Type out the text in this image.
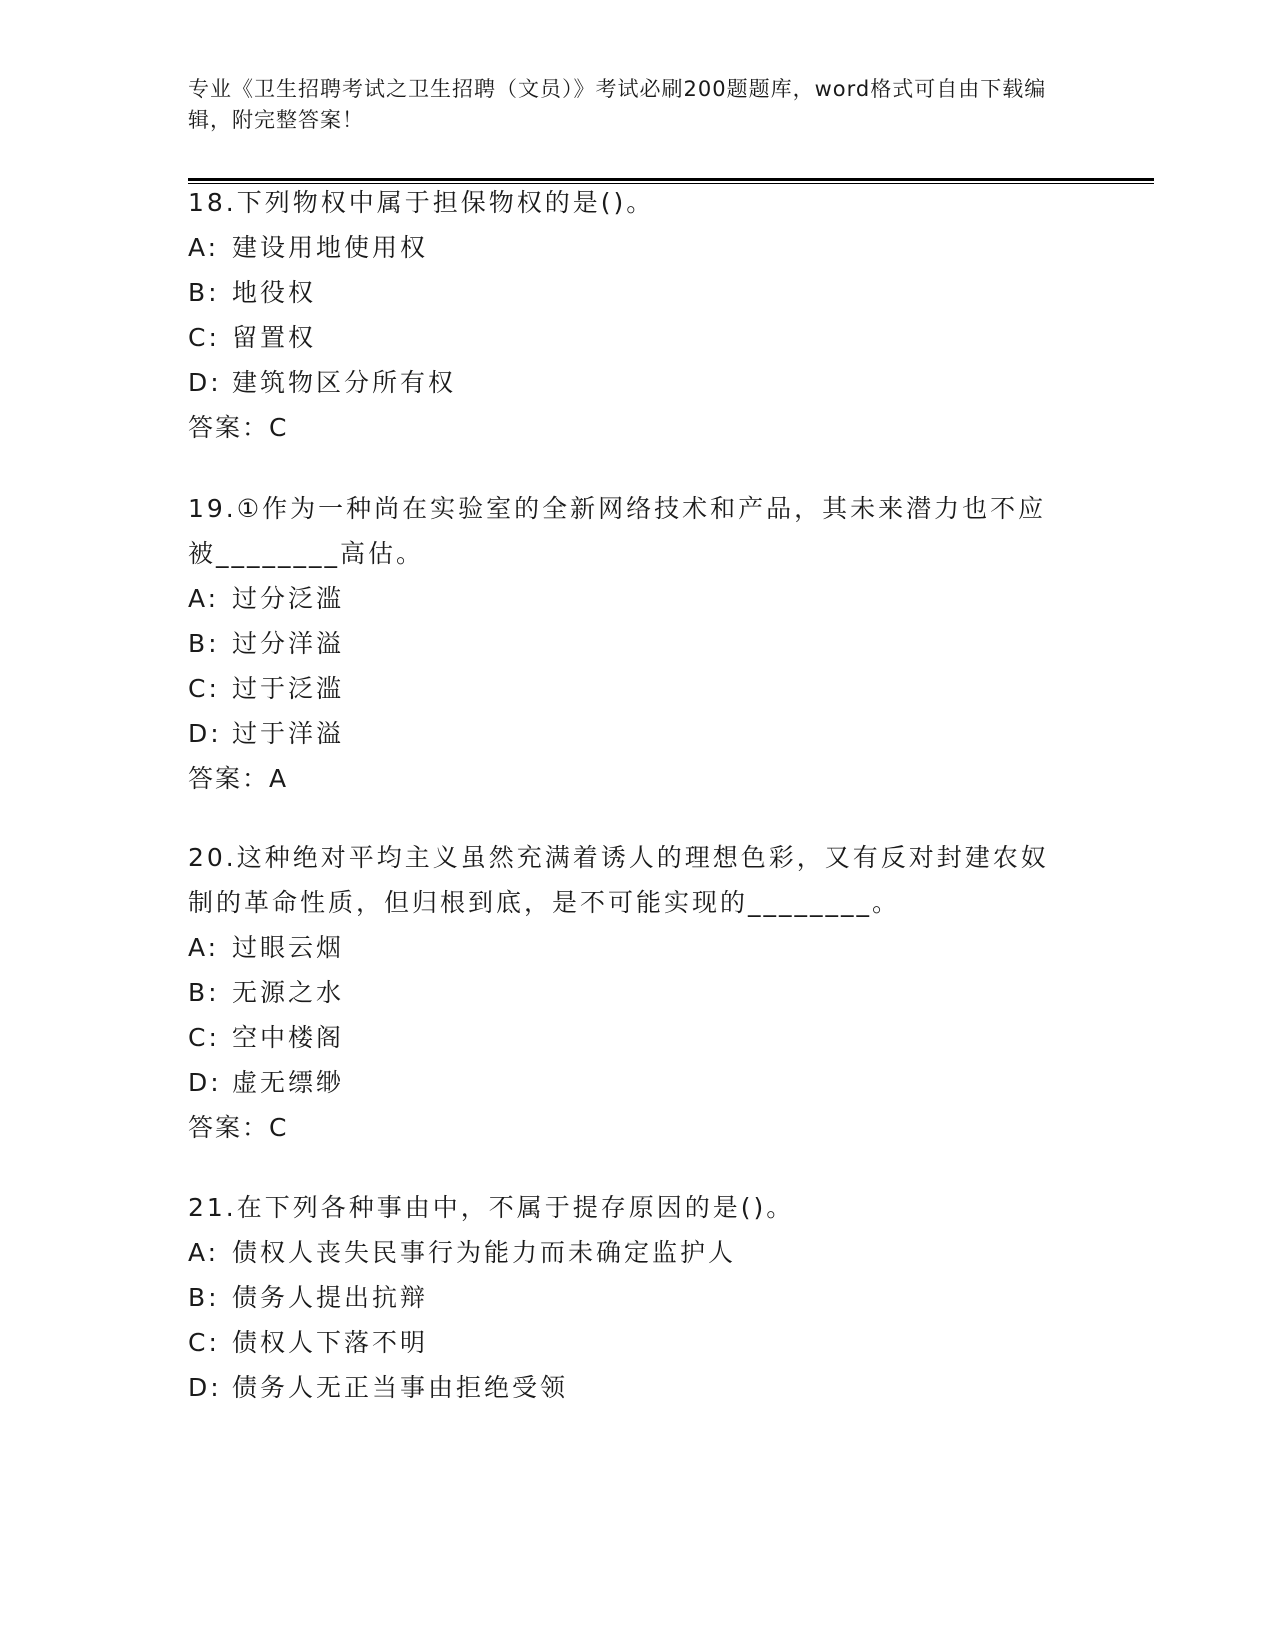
专业《卫生招聘考试之卫生招聘（文员）》考试必刷200题题库，word格式可自由下载编辑，附完整答案！
18.下列物权中属于担保物权的是()。
A: 建设用地使用权
B: 地役权
C: 留置权
D: 建筑物区分所有权
答案：C
19.①作为一种尚在实验室的全新网络技术和产品，其未来潜力也不应被________高估。
A: 过分泛滥
B: 过分洋溢
C: 过于泛滥
D: 过于洋溢
答案：A
20.这种绝对平均主义虽然充满着诱人的理想色彩，又有反对封建农奴制的革命性质，但归根到底，是不可能实现的________。
A: 过眼云烟
B: 无源之水
C: 空中楼阁
D: 虚无缥缈
答案：C
21.在下列各种事由中，不属于提存原因的是()。
A: 债权人丧失民事行为能力而未确定监护人
B: 债务人提出抗辩
C: 债权人下落不明
D: 债务人无正当事由拒绝受领
